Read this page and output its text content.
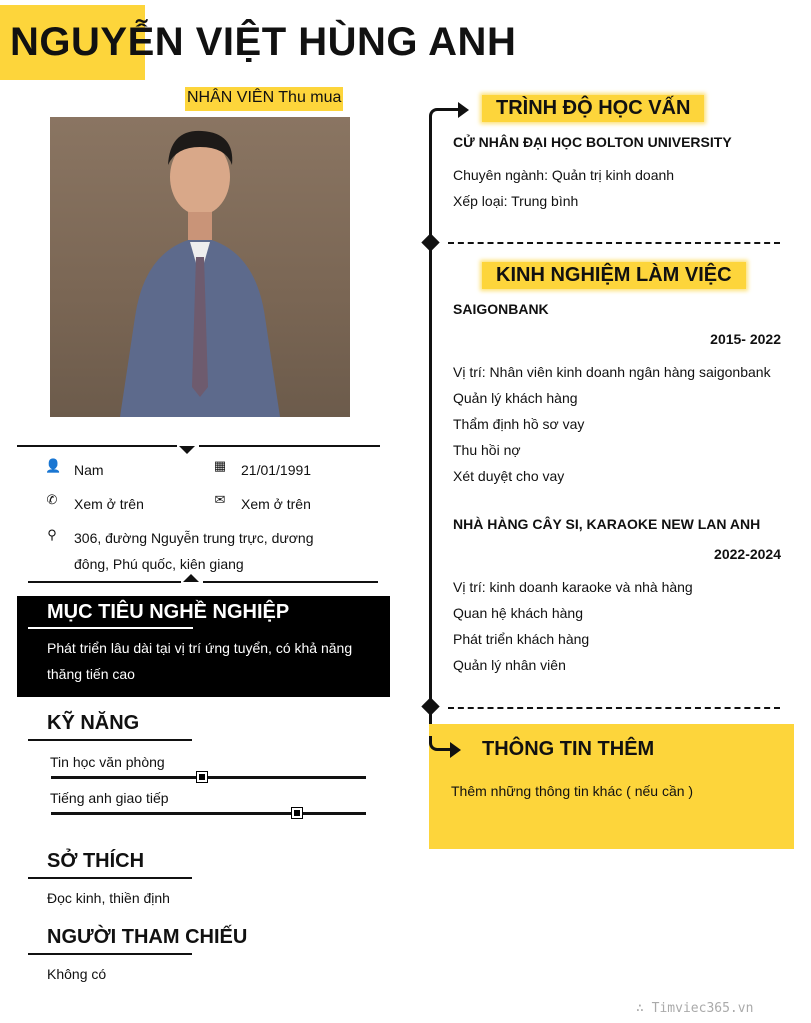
NGUYỄN VIỆT HÙNG ANH
NHÂN VIÊN Thu mua
👤 Nam	▦ 21/01/1991
✆ Xem ở trên	✉ Xem ở trên
⚲ 306, đường Nguyễn trung trực, dương đông, Phú quốc, kiên giang
MỤC TIÊU NGHỀ NGHIỆP
Phát triển lâu dài tại vị trí ứng tuyển, có khả năng thăng tiến cao
KỸ NĂNG
Tin học văn phòng
Tiếng anh giao tiếp
SỞ THÍCH
Đọc kinh, thiền định
NGƯỜI THAM CHIẾU
Không có
TRÌNH ĐỘ HỌC VẤN
CỬ NHÂN ĐẠI HỌC BOLTON UNIVERSITY
Chuyên ngành: Quản trị kinh doanh
Xếp loại: Trung bình
KINH NGHIỆM LÀM VIỆC
SAIGONBANK
2015- 2022
Vị trí: Nhân viên kinh doanh ngân hàng saigonbank
Quản lý khách hàng
Thẩm định hồ sơ vay
Thu hồi nợ
Xét duyệt cho vay
NHÀ HÀNG CÂY SI, KARAOKE NEW LAN ANH
2022-2024
Vị trí: kinh doanh karaoke và nhà hàng
Quan hệ khách hàng
Phát triển khách hàng
Quản lý nhân viên
THÔNG TIN THÊM
Thêm những thông tin khác ( nếu cần )
∴ Timviec365.vn
